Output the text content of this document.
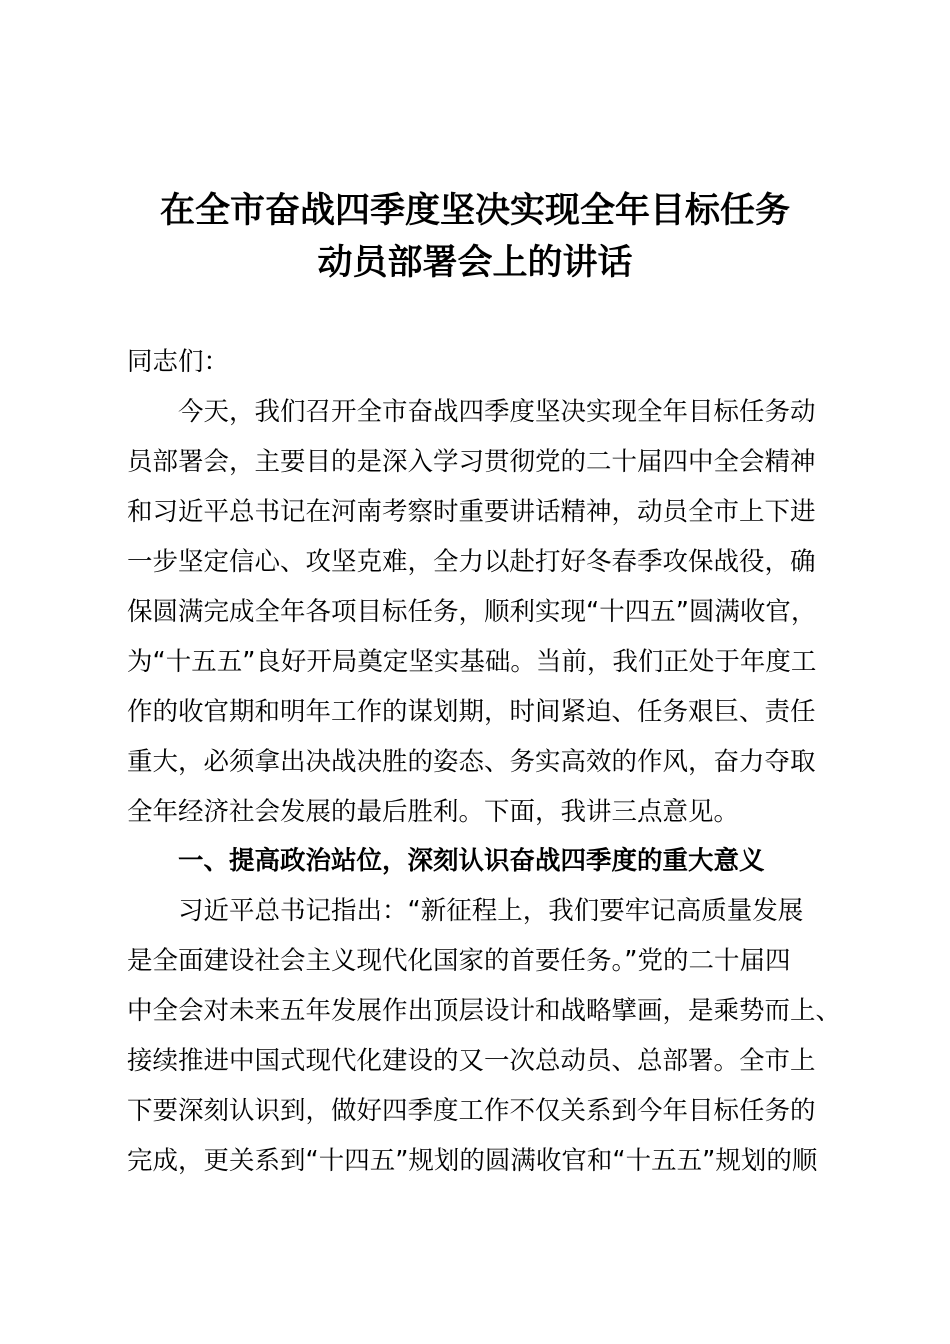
在全市奋战四季度坚决实现全年目标任务
动员部署会上的讲话
同志们：
今天，我们召开全市奋战四季度坚决实现全年目标任务动
员部署会，主要目的是深入学习贯彻党的二十届四中全会精神
和习近平总书记在河南考察时重要讲话精神，动员全市上下进
一步坚定信心、攻坚克难，全力以赴打好冬春季攻保战役，确
保圆满完成全年各项目标任务，顺利实现“十四五”圆满收官，
为“十五五”良好开局奠定坚实基础。当前，我们正处于年度工
作的收官期和明年工作的谋划期，时间紧迫、任务艰巨、责任
重大，必须拿出决战决胜的姿态、务实高效的作风，奋力夺取
全年经济社会发展的最后胜利。下面，我讲三点意见。
一、提高政治站位，深刻认识奋战四季度的重大意义
习近平总书记指出：“新征程上，我们要牢记高质量发展
是全面建设社会主义现代化国家的首要任务。”党的二十届四
中全会对未来五年发展作出顶层设计和战略擘画，是乘势而上、
接续推进中国式现代化建设的又一次总动员、总部署。全市上
下要深刻认识到，做好四季度工作不仅关系到今年目标任务的
完成，更关系到“十四五”规划的圆满收官和“十五五”规划的顺
